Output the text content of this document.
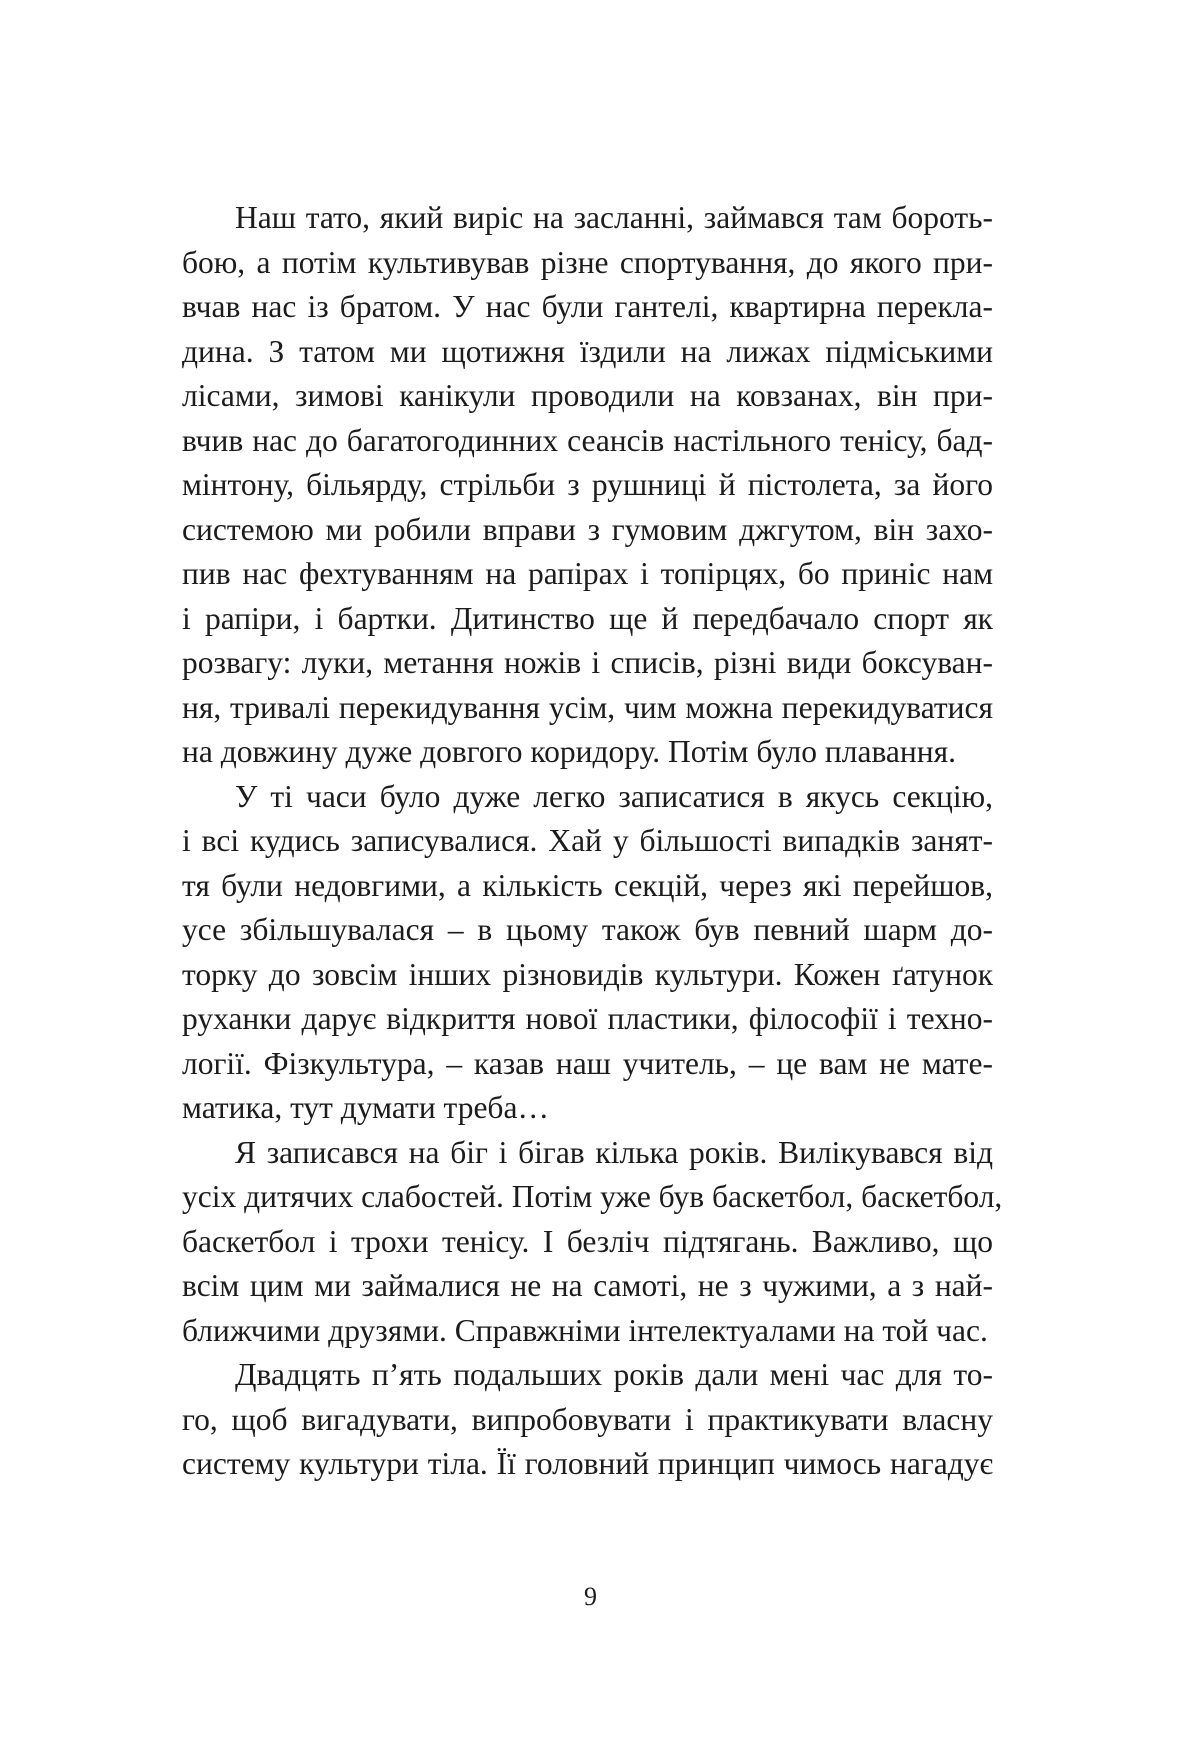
Наш тато, який виріс на засланні, займався там бороть-
бою, а потім культивував різне спортування, до якого при-
вчав нас із братом. У нас були гантелі, квартирна перекла-
дина. З татом ми щотижня їздили на лижах підміськими
лісами, зимові канікули проводили на ковзанах, він при-
вчив нас до багатогодинних сеансів настільного тенісу, бад-
мінтону, більярду, стрільби з рушниці й пістолета, за його
системою ми робили вправи з гумовим джгутом, він захо-
пив нас фехтуванням на рапірах і топірцях, бо приніс нам
і рапіри, і бартки. Дитинство ще й передбачало спорт як
розвагу: луки, метання ножів і списів, різні види боксуван-
ня, тривалі перекидування усім, чим можна перекидуватися
на довжину дуже довгого коридору. Потім було плавання.

У ті часи було дуже легко записатися в якусь секцію,
і всі кудись записувалися. Хай у більшості випадків занят-
тя були недовгими, а кількість секцій, через які перейшов,
усе збільшувалася – в цьому також був певний шарм до-
торку до зовсім інших різновидів культури. Кожен ґатунок
руханки дарує відкриття нової пластики, філософії і техно-
логії. Фізкультура, – казав наш учитель, – це вам не мате-
матика, тут думати треба…

Я записався на біг і бігав кілька років. Вилікувався від
усіх дитячих слабостей. Потім уже був баскетбол, баскетбол,
баскетбол і трохи тенісу. І безліч підтягань. Важливо, що
всім цим ми займалися не на самоті, не з чужими, а з най-
ближчими друзями. Справжніми інтелектуалами на той час.

Двадцять п’ять подальших років дали мені час для то-
го, щоб вигадувати, випробовувати і практикувати власну
систему культури тіла. Її головний принцип чимось нагадує

9
